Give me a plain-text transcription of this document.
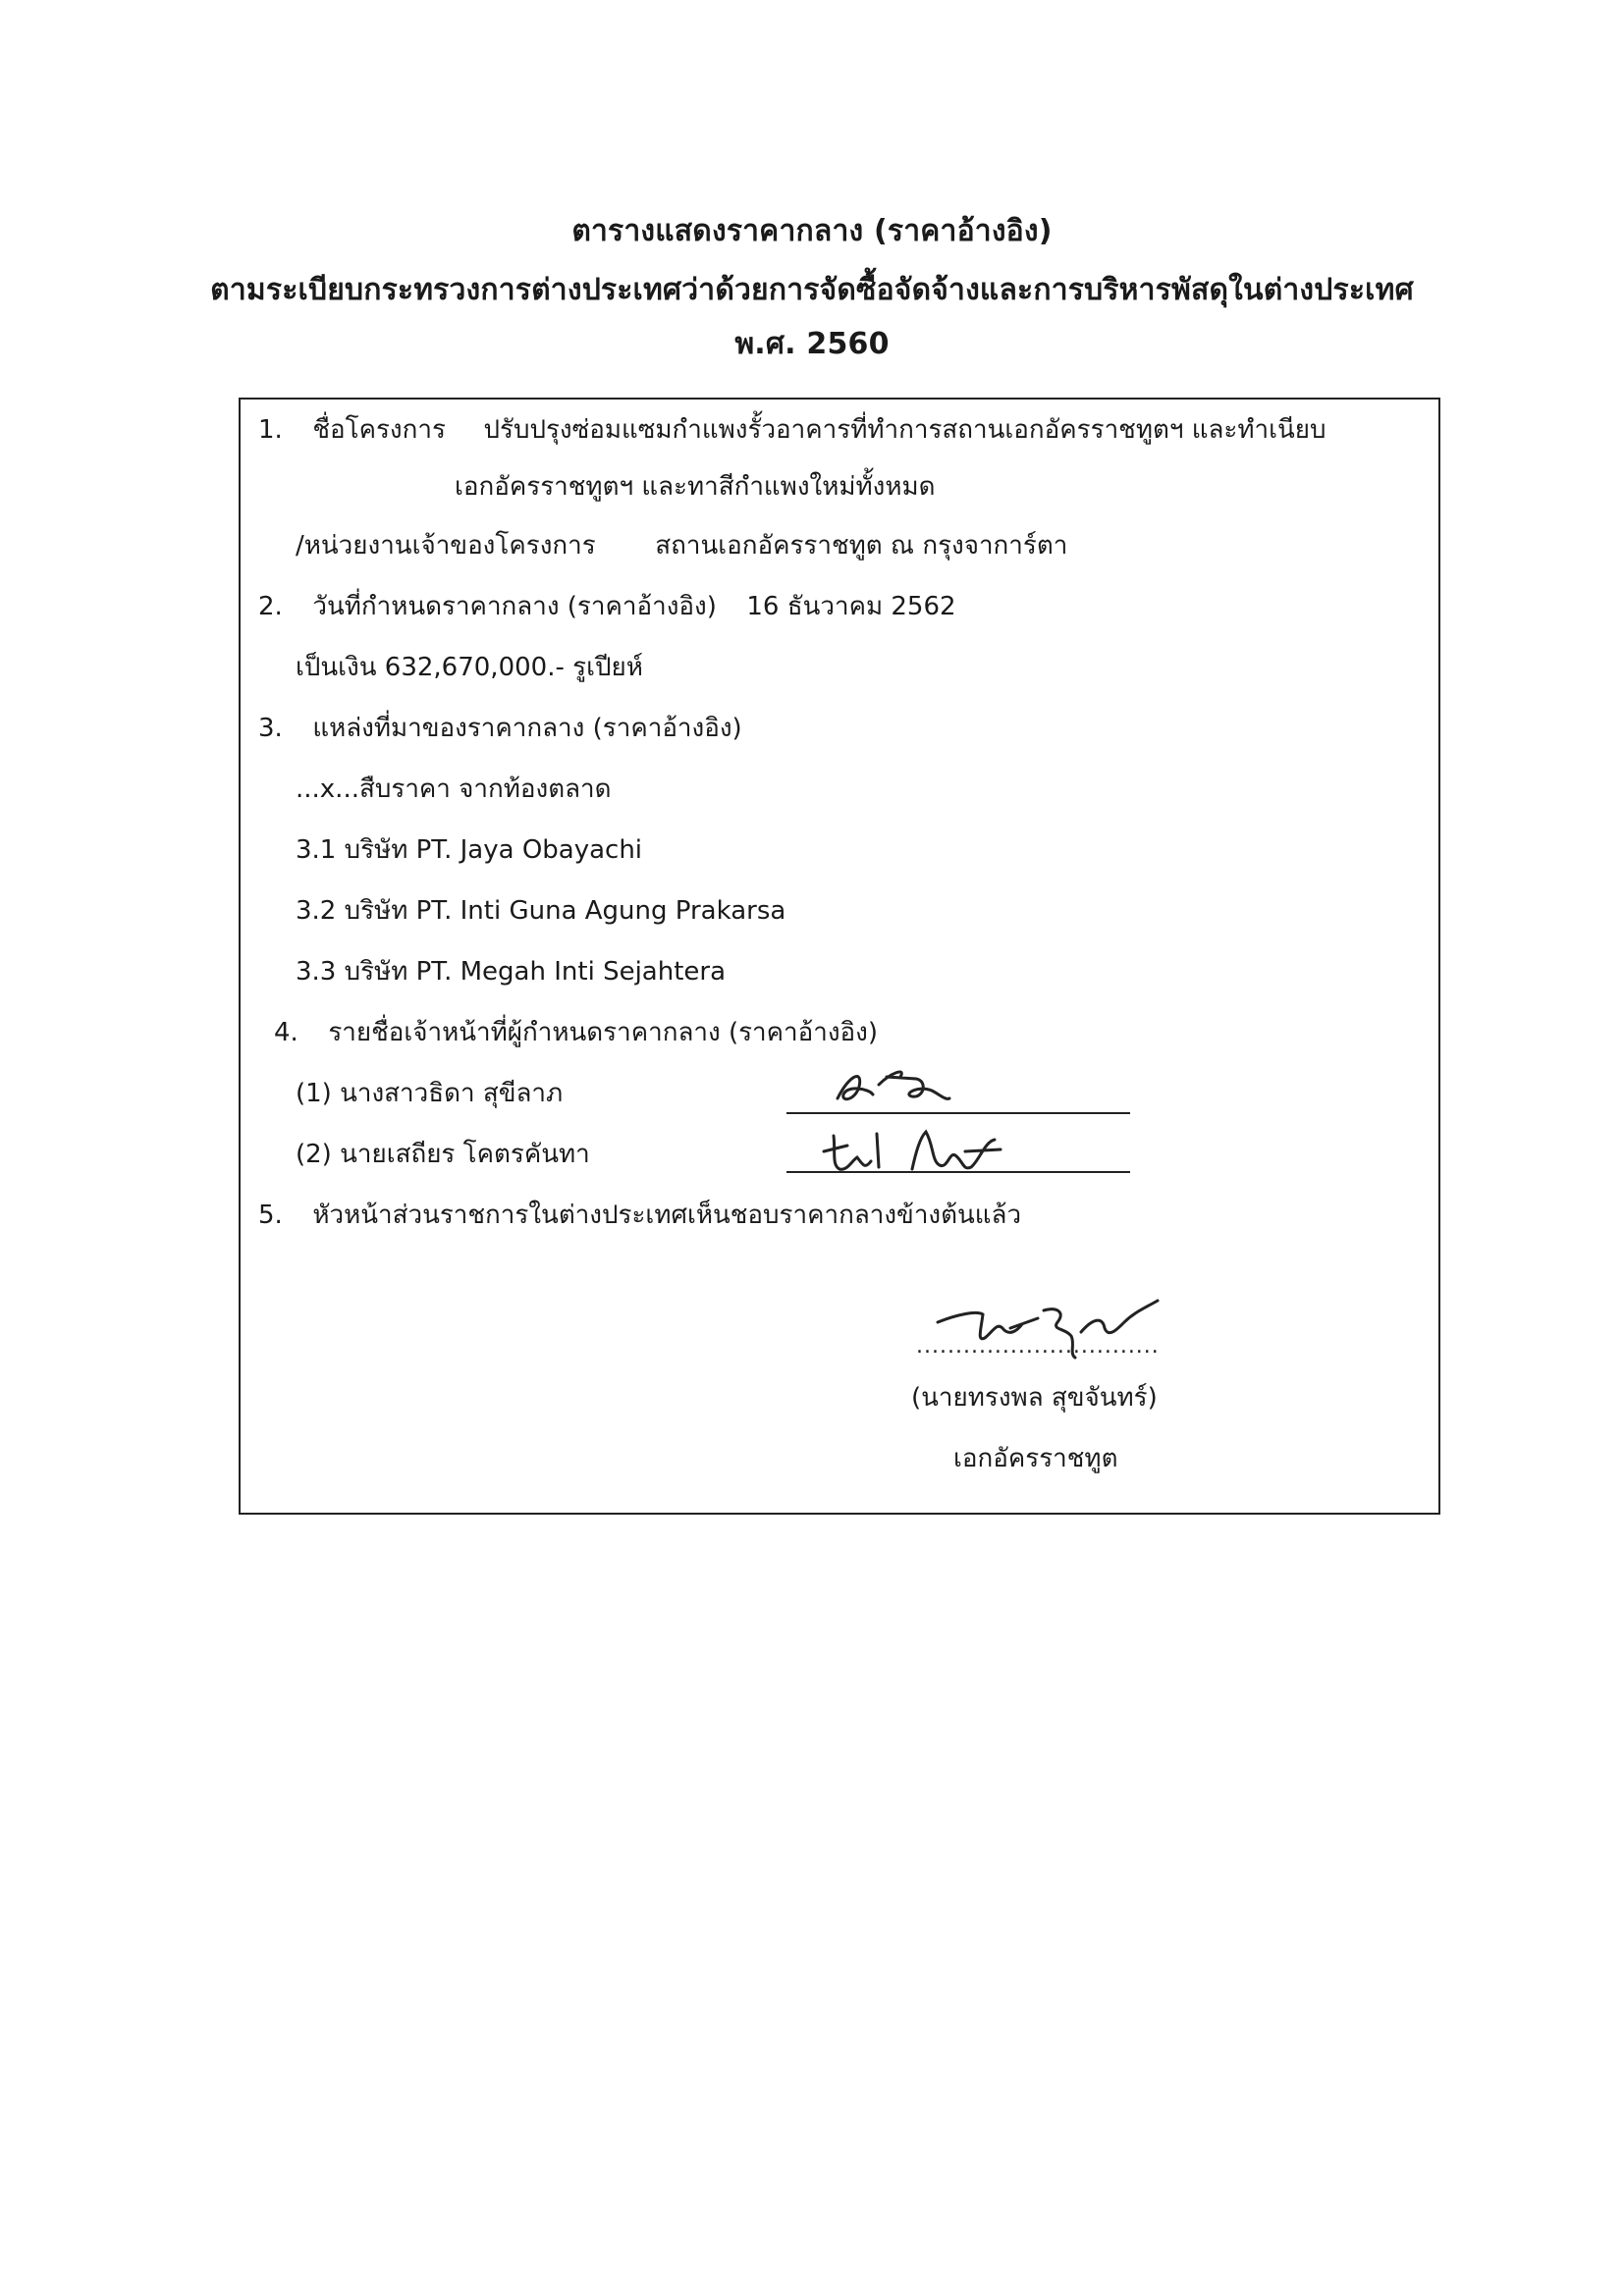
ตารางแสดงราคากลาง (ราคาอ้างอิง)
ตามระเบียบกระทรวงการต่างประเทศว่าด้วยการจัดซื้อจัดจ้างและการบริหารพัสดุในต่างประเทศ
พ.ศ. 2560
1. ชื่อโครงการ ปรับปรุงซ่อมแซมกำแพงรั้วอาคารที่ทำการสถานเอกอัครราชทูตฯ และทำเนียบ
เอกอัครราชทูตฯ และทาสีกำแพงใหม่ทั้งหมด
/หน่วยงานเจ้าของโครงการ สถานเอกอัครราชทูต ณ กรุงจาการ์ตา
2. วันที่กำหนดราคากลาง (ราคาอ้างอิง) 16 ธันวาคม 2562
เป็นเงิน 632,670,000.- รูเปียห์
3. แหล่งที่มาของราคากลาง (ราคาอ้างอิง)
...x...สืบราคา จากท้องตลาด
3.1 บริษัท PT. Jaya Obayachi
3.2 บริษัท PT. Inti Guna Agung Prakarsa
3.3 บริษัท PT. Megah Inti Sejahtera
4. รายชื่อเจ้าหน้าที่ผู้กำหนดราคากลาง (ราคาอ้างอิง)
(1) นางสาวธิดา สุขีลาภ
(2) นายเสถียร โคตรคันทา
5. หัวหน้าส่วนราชการในต่างประเทศเห็นชอบราคากลางข้างต้นแล้ว
...............................
(นายทรงพล สุขจันทร์)
เอกอัครราชทูต
